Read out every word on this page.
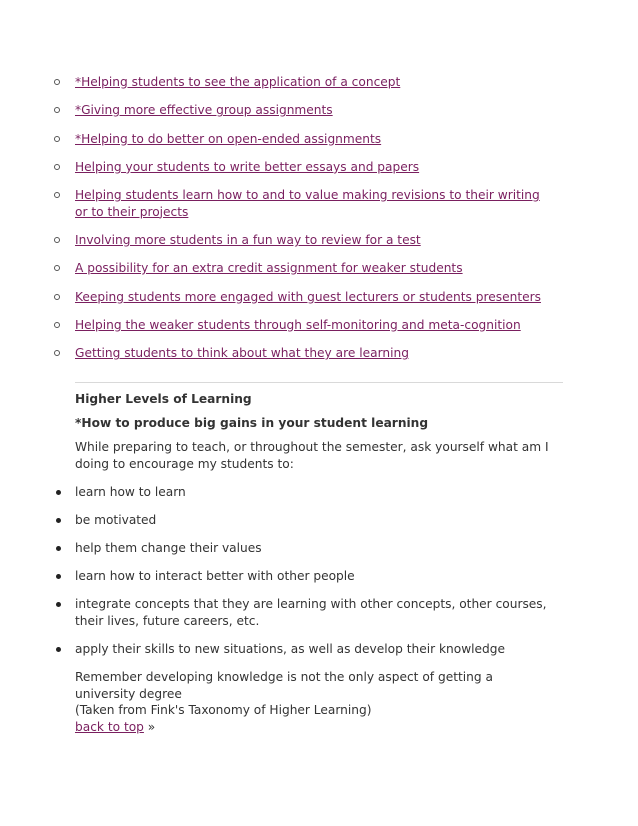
*Helping students to see the application of a concept
*Giving more effective group assignments
*Helping to do better on open-ended assignments
Helping your students to write better essays and papers
Helping students learn how to and to value making revisions to their writing or to their projects
Involving more students in a fun way to review for a test
A possibility for an extra credit assignment for weaker students
Keeping students more engaged with guest lecturers or students presenters
Helping the weaker students through self-monitoring and meta-cognition
Getting students to think about what they are learning
Higher Levels of Learning
*How to produce big gains in your student learning
While preparing to teach, or throughout the semester, ask yourself what am I doing to encourage my students to:
learn how to learn
be motivated
help them change their values
learn how to interact better with other people
integrate concepts that they are learning with other concepts, other courses, their lives, future careers, etc.
apply their skills to new situations, as well as develop their knowledge
Remember developing knowledge is not the only aspect of getting a university degree
(Taken from Fink's Taxonomy of Higher Learning)
back to top »
